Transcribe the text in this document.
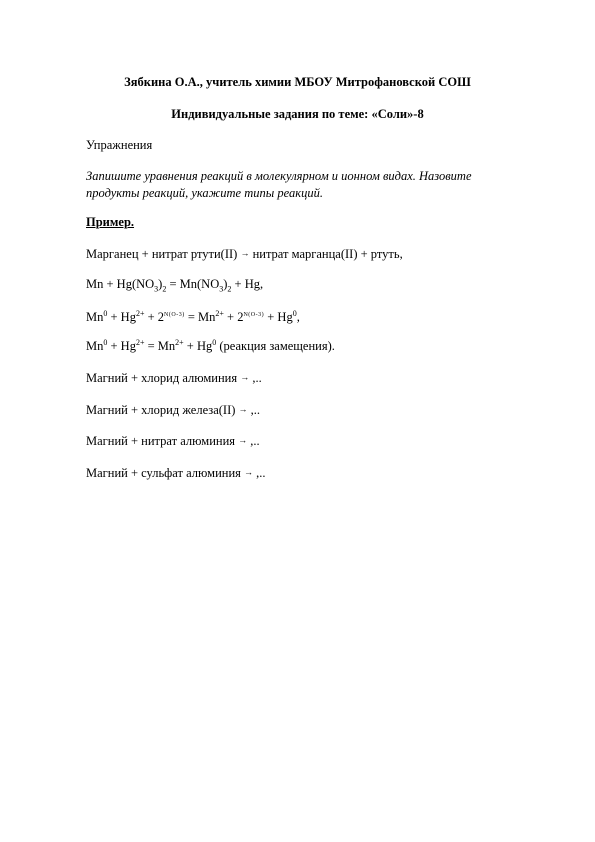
Зябкина О.А., учитель химии МБОУ Митрофановской СОШ
Индивидуальные задания по теме: «Соли»-8
Упражнения
Запишите уравнения реакций в молекулярном и ионном видах. Назовите
продукты реакций, укажите типы реакций.
Пример.
Марганец + нитрат ртути(II) → нитрат марганца(II) + ртуть,
$Mn + Hg(NO_3)_2 = Mn(NO_3)_2 + Hg$,
$Mn^0 + Hg^{2+} + 2^{N(O-3)} = Mn^{2+} + 2^{N(O-3)} + Hg^0$,
$Mn^0 + Hg^{2+} = Mn^{2+} + Hg^0$ (реакция замещения).
Магний + хлорид алюминия → ,..
Магний + хлорид железа(II) → ,..
Магний + нитрат алюминия → ,..
Магний + сульфат алюминия → ,..
